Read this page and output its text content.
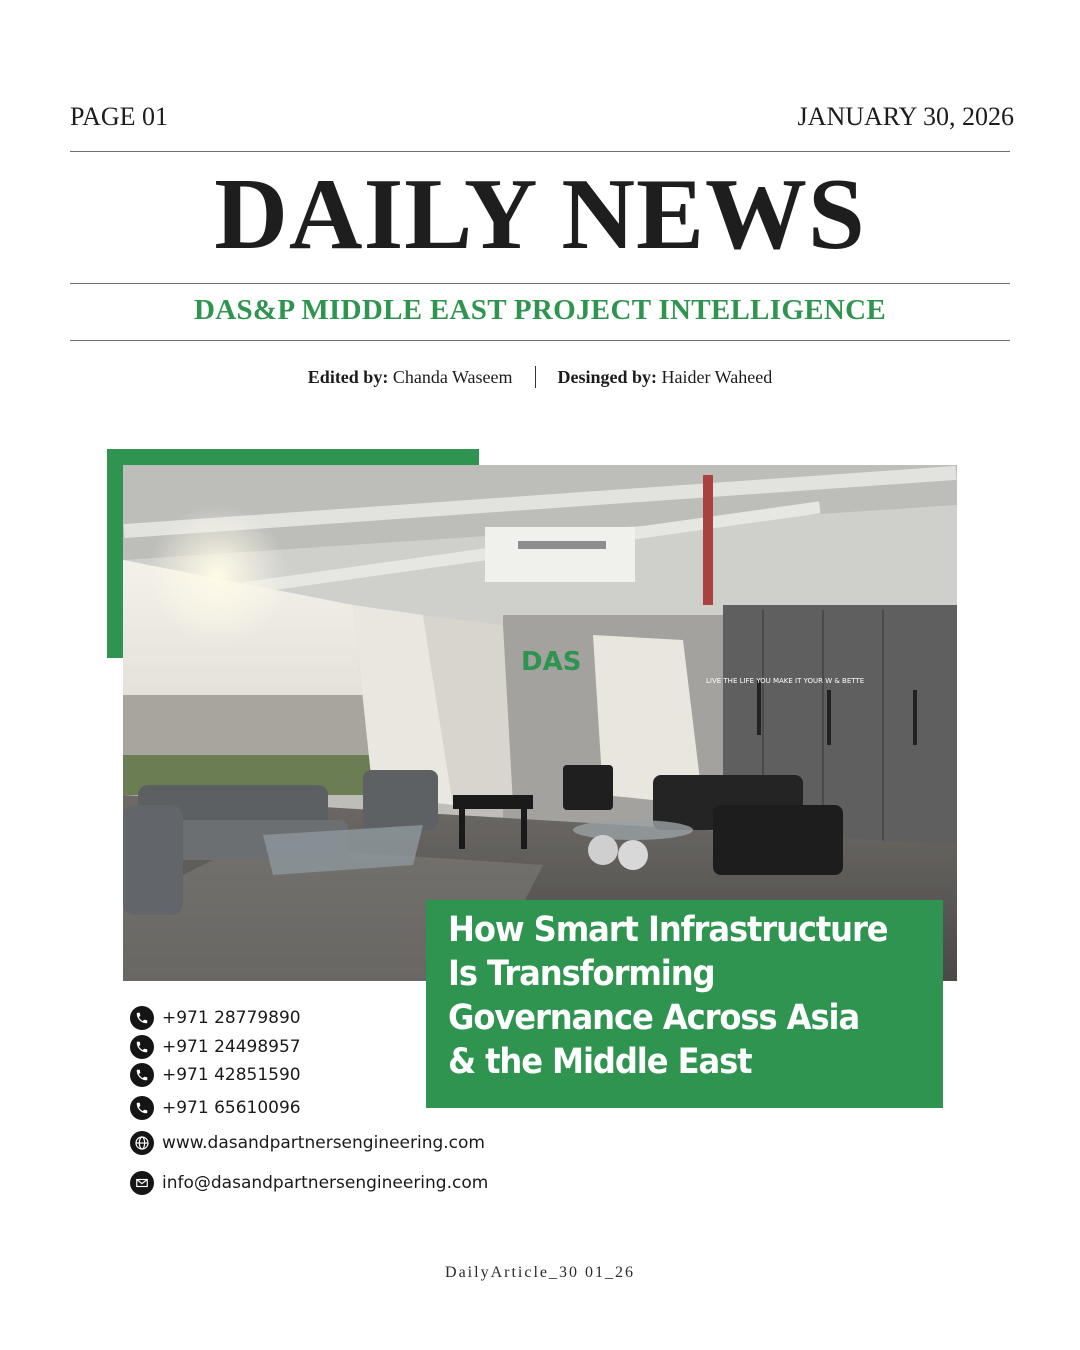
PAGE 01	JANUARY 30, 2026
DAILY NEWS
DAS&P MIDDLE EAST PROJECT INTELLIGENCE
Edited by: Chanda Waseem	Desinged by: Haider Waheed
LIVE THE LIFE YOU MAKE IT YOUR W & BETTE
DAS
How Smart Infrastructure Is Transforming Governance Across Asia & the Middle East
+971 28779890
+971 24498957
+971 42851590
+971 65610096
www.dasandpartnersengineering.com
info@dasandpartnersengineering.com
DailyArticle_30 01_26
